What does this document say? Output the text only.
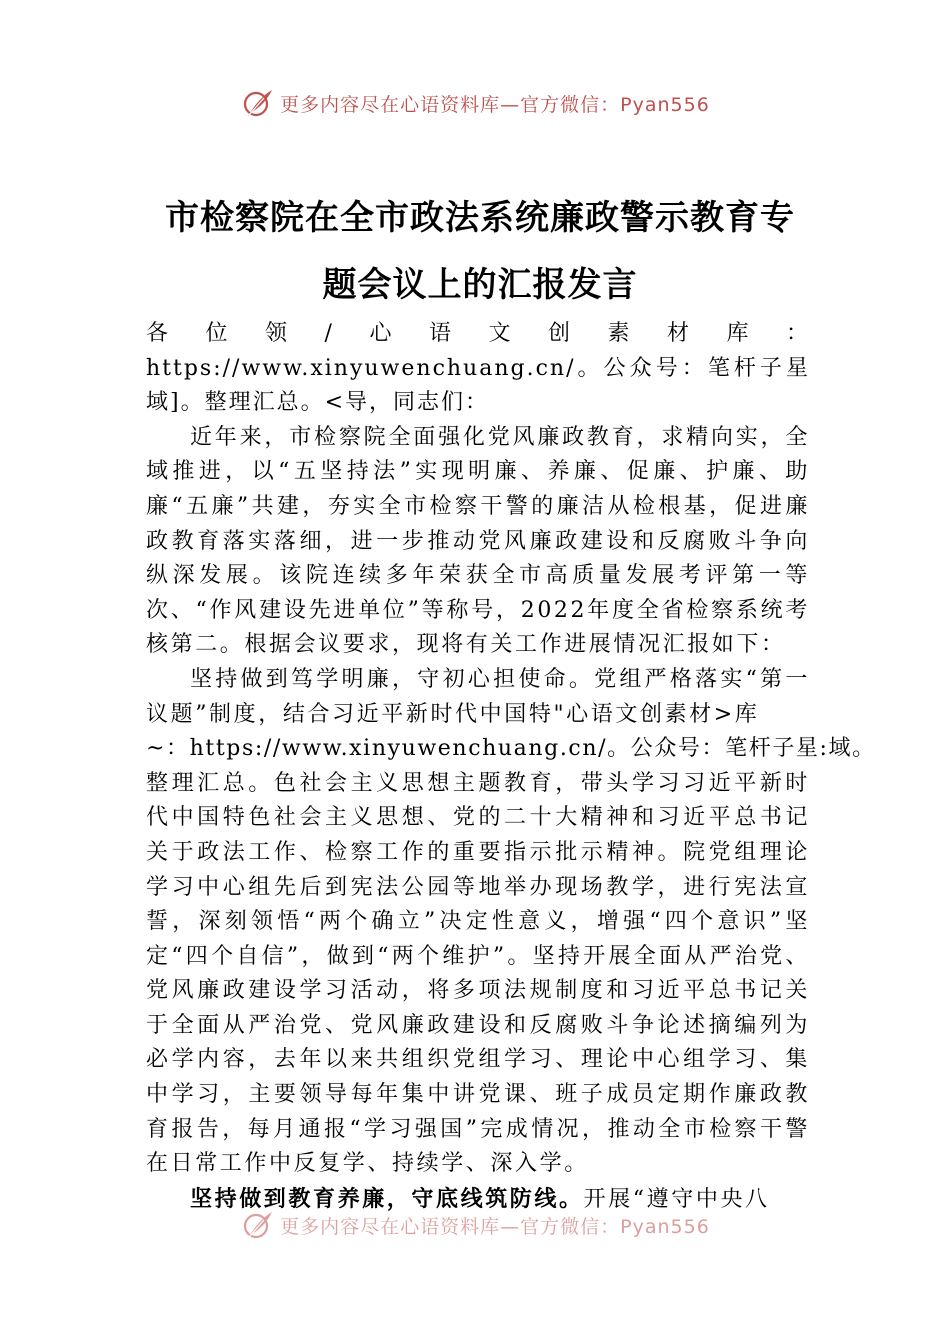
更多内容尽在心语资料库—官方微信：Pyan556
市检察院在全市政法系统廉政警示教育专
题会议上的汇报发言

各位领/心语文创素材库：https://www.xinyuwenchuang.cn/。公众号：笔杆子星域]。整理汇总。<导，同志们：

近年来，市检察院全面强化党风廉政教育，求精向实，全域推进，以“五坚持法”实现明廉、养廉、促廉、护廉、助廉“五廉”共建，夯实全市检察干警的廉洁从检根基，促进廉政教育落实落细，进一步推动党风廉政建设和反腐败斗争向纵深发展。该院连续多年荣获全市高质量发展考评第一等次、“作风建设先进单位”等称号，2022年度全省检察系统考核第二。根据会议要求，现将有关工作进展情况汇报如下：

坚持做到笃学明廉，守初心担使命。党组严格落实“第一议题”制度，结合习近平新时代中国特"心语文创素材>库

~：https://www.xinyuwenchuang.cn/。公众号：笔杆子星:域。

整理汇总。色社会主义思想主题教育，带头学习习近平新时代中国特色社会主义思想、党的二十大精神和习近平总书记关于政法工作、检察工作的重要指示批示精神。院党组理论学习中心组先后到宪法公园等地举办现场教学，进行宪法宣誓，深刻领悟“两个确立”决定性意义，增强“四个意识”坚定“四个自信”，做到“两个维护”。坚持开展全面从严治党、党风廉政建设学习活动，将多项法规制度和习近平总书记关于全面从严治党、党风廉政建设和反腐败斗争论述摘编列为必学内容，去年以来共组织党组学习、理论中心组学习、集中学习，主要领导每年集中讲党课、班子成员定期作廉政教育报告，每月通报“学习强国”完成情况，推动全市检察干警在日常工作中反复学、持续学、深入学。

坚持做到教育养廉，守底线筑防线。开展“遵守中央八

更多内容尽在心语资料库—官方微信：Pyan556
